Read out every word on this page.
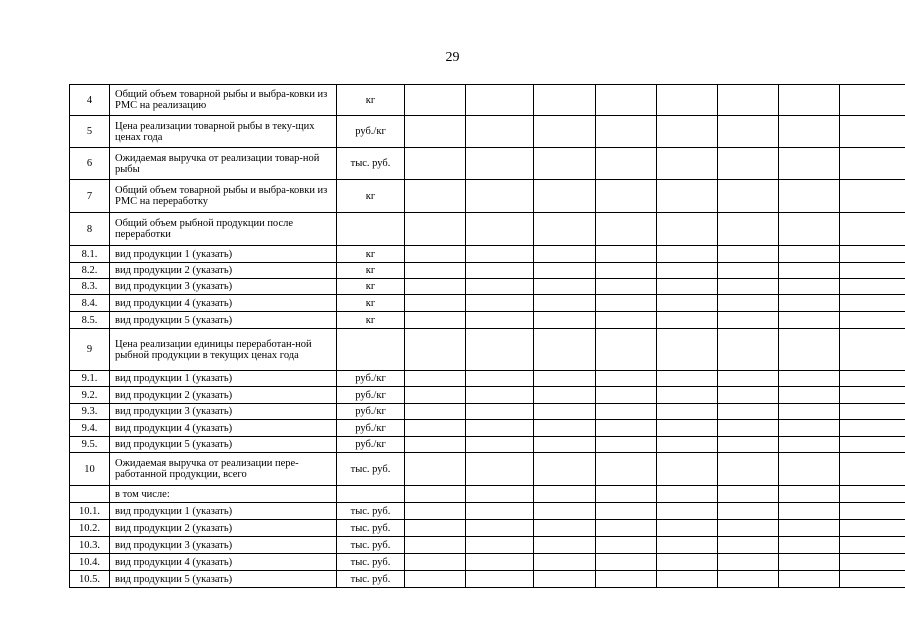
29
4	Общий объем товарной рыбы и выбра-ковки из РМС на реализацию	кг								
5	Цена реализации товарной рыбы в теку-щих ценах года	руб./кг								
6	Ожидаемая выручка от реализации товар-ной рыбы	тыс. руб.								
7	Общий объем товарной рыбы и выбра-ковки из РМС на переработку	кг								
8	Общий объем рыбной продукции после переработки									
8.1.	вид продукции 1 (указать)	кг								
8.2.	вид продукции 2 (указать)	кг								
8.3.	вид продукции 3 (указать)	кг								
8.4.	вид продукции 4 (указать)	кг								
8.5.	вид продукции 5 (указать)	кг								
9	Цена реализации единицы переработан-ной рыбной продукции в текущих ценах года									
9.1.	вид продукции 1 (указать)	руб./кг								
9.2.	вид продукции 2 (указать)	руб./кг								
9.3.	вид продукции 3 (указать)	руб./кг								
9.4.	вид продукции 4 (указать)	руб./кг								
9.5.	вид продукции 5 (указать)	руб./кг								
10	Ожидаемая выручка от реализации пере-работанной продукции, всего	тыс. руб.								
	в том числе:									
10.1.	вид продукции 1 (указать)	тыс. руб.								
10.2.	вид продукции 2 (указать)	тыс. руб.								
10.3.	вид продукции 3 (указать)	тыс. руб.								
10.4.	вид продукции 4 (указать)	тыс. руб.								
10.5.	вид продукции 5 (указать)	тыс. руб.								
